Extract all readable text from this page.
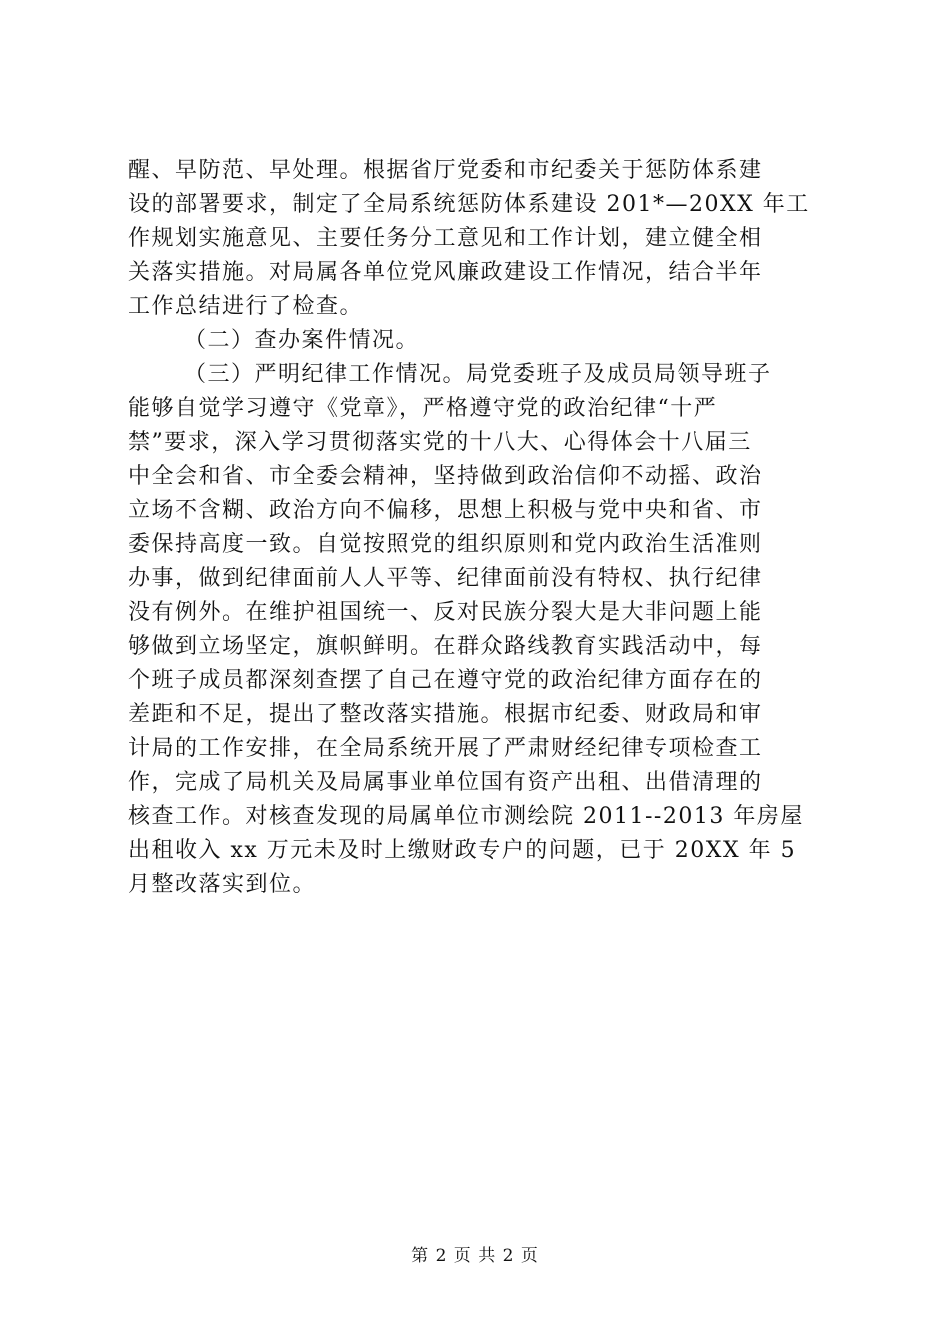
醒、早防范、早处理。根据省厅党委和市纪委关于惩防体系建
设的部署要求，制定了全局系统惩防体系建设 201*—20XX 年工
作规划实施意见、主要任务分工意见和工作计划，建立健全相
关落实措施。对局属各单位党风廉政建设工作情况，结合半年
工作总结进行了检查。
（二）查办案件情况。
（三）严明纪律工作情况。局党委班子及成员局领导班子
能够自觉学习遵守《党章》，严格遵守党的政治纪律“十严
禁”要求，深入学习贯彻落实党的十八大、心得体会十八届三
中全会和省、市全委会精神，坚持做到政治信仰不动摇、政治
立场不含糊、政治方向不偏移，思想上积极与党中央和省、市
委保持高度一致。自觉按照党的组织原则和党内政治生活准则
办事，做到纪律面前人人平等、纪律面前没有特权、执行纪律
没有例外。在维护祖国统一、反对民族分裂大是大非问题上能
够做到立场坚定，旗帜鲜明。在群众路线教育实践活动中，每
个班子成员都深刻查摆了自己在遵守党的政治纪律方面存在的
差距和不足，提出了整改落实措施。根据市纪委、财政局和审
计局的工作安排，在全局系统开展了严肃财经纪律专项检查工
作，完成了局机关及局属事业单位国有资产出租、出借清理的
核查工作。对核查发现的局属单位市测绘院 2011--2013 年房屋
出租收入 xx 万元未及时上缴财政专户的问题，已于 20XX 年 5
月整改落实到位。
第 2 页 共 2 页
